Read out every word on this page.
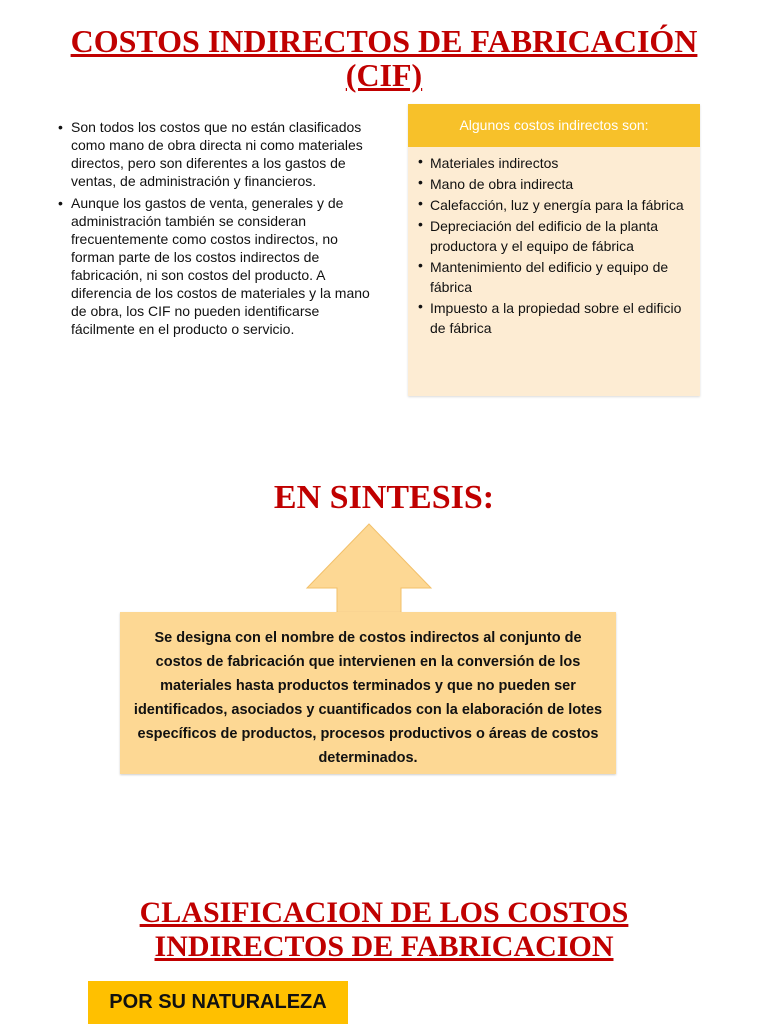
COSTOS INDIRECTOS DE FABRICACIÓN
(CIF)
• Son todos los costos que no están clasificados como mano de obra directa ni como materiales directos, pero son diferentes a los gastos de ventas, de administración y financieros.
• Aunque los gastos de venta, generales y de administración también se consideran frecuentemente como costos indirectos, no forman parte de los costos indirectos de fabricación, ni son costos del producto. A diferencia de los costos de materiales y la mano de obra, los CIF no pueden identificarse fácilmente en el producto o servicio.
Algunos costos indirectos son:
• Materiales indirectos
• Mano de obra indirecta
• Calefacción, luz y energía para la fábrica
• Depreciación del edificio de la planta productora y el equipo de fábrica
• Mantenimiento del edificio y equipo de fábrica
• Impuesto a la propiedad sobre el edificio de fábrica
EN SINTESIS:
Se designa con el nombre de costos indirectos al conjunto de costos de fabricación que intervienen en la conversión de los materiales hasta productos terminados y que no pueden ser identificados, asociados y cuantificados con la elaboración de lotes específicos de productos, procesos productivos o áreas de costos determinados.
CLASIFICACION DE LOS COSTOS
INDIRECTOS DE FABRICACION
POR SU NATURALEZA
